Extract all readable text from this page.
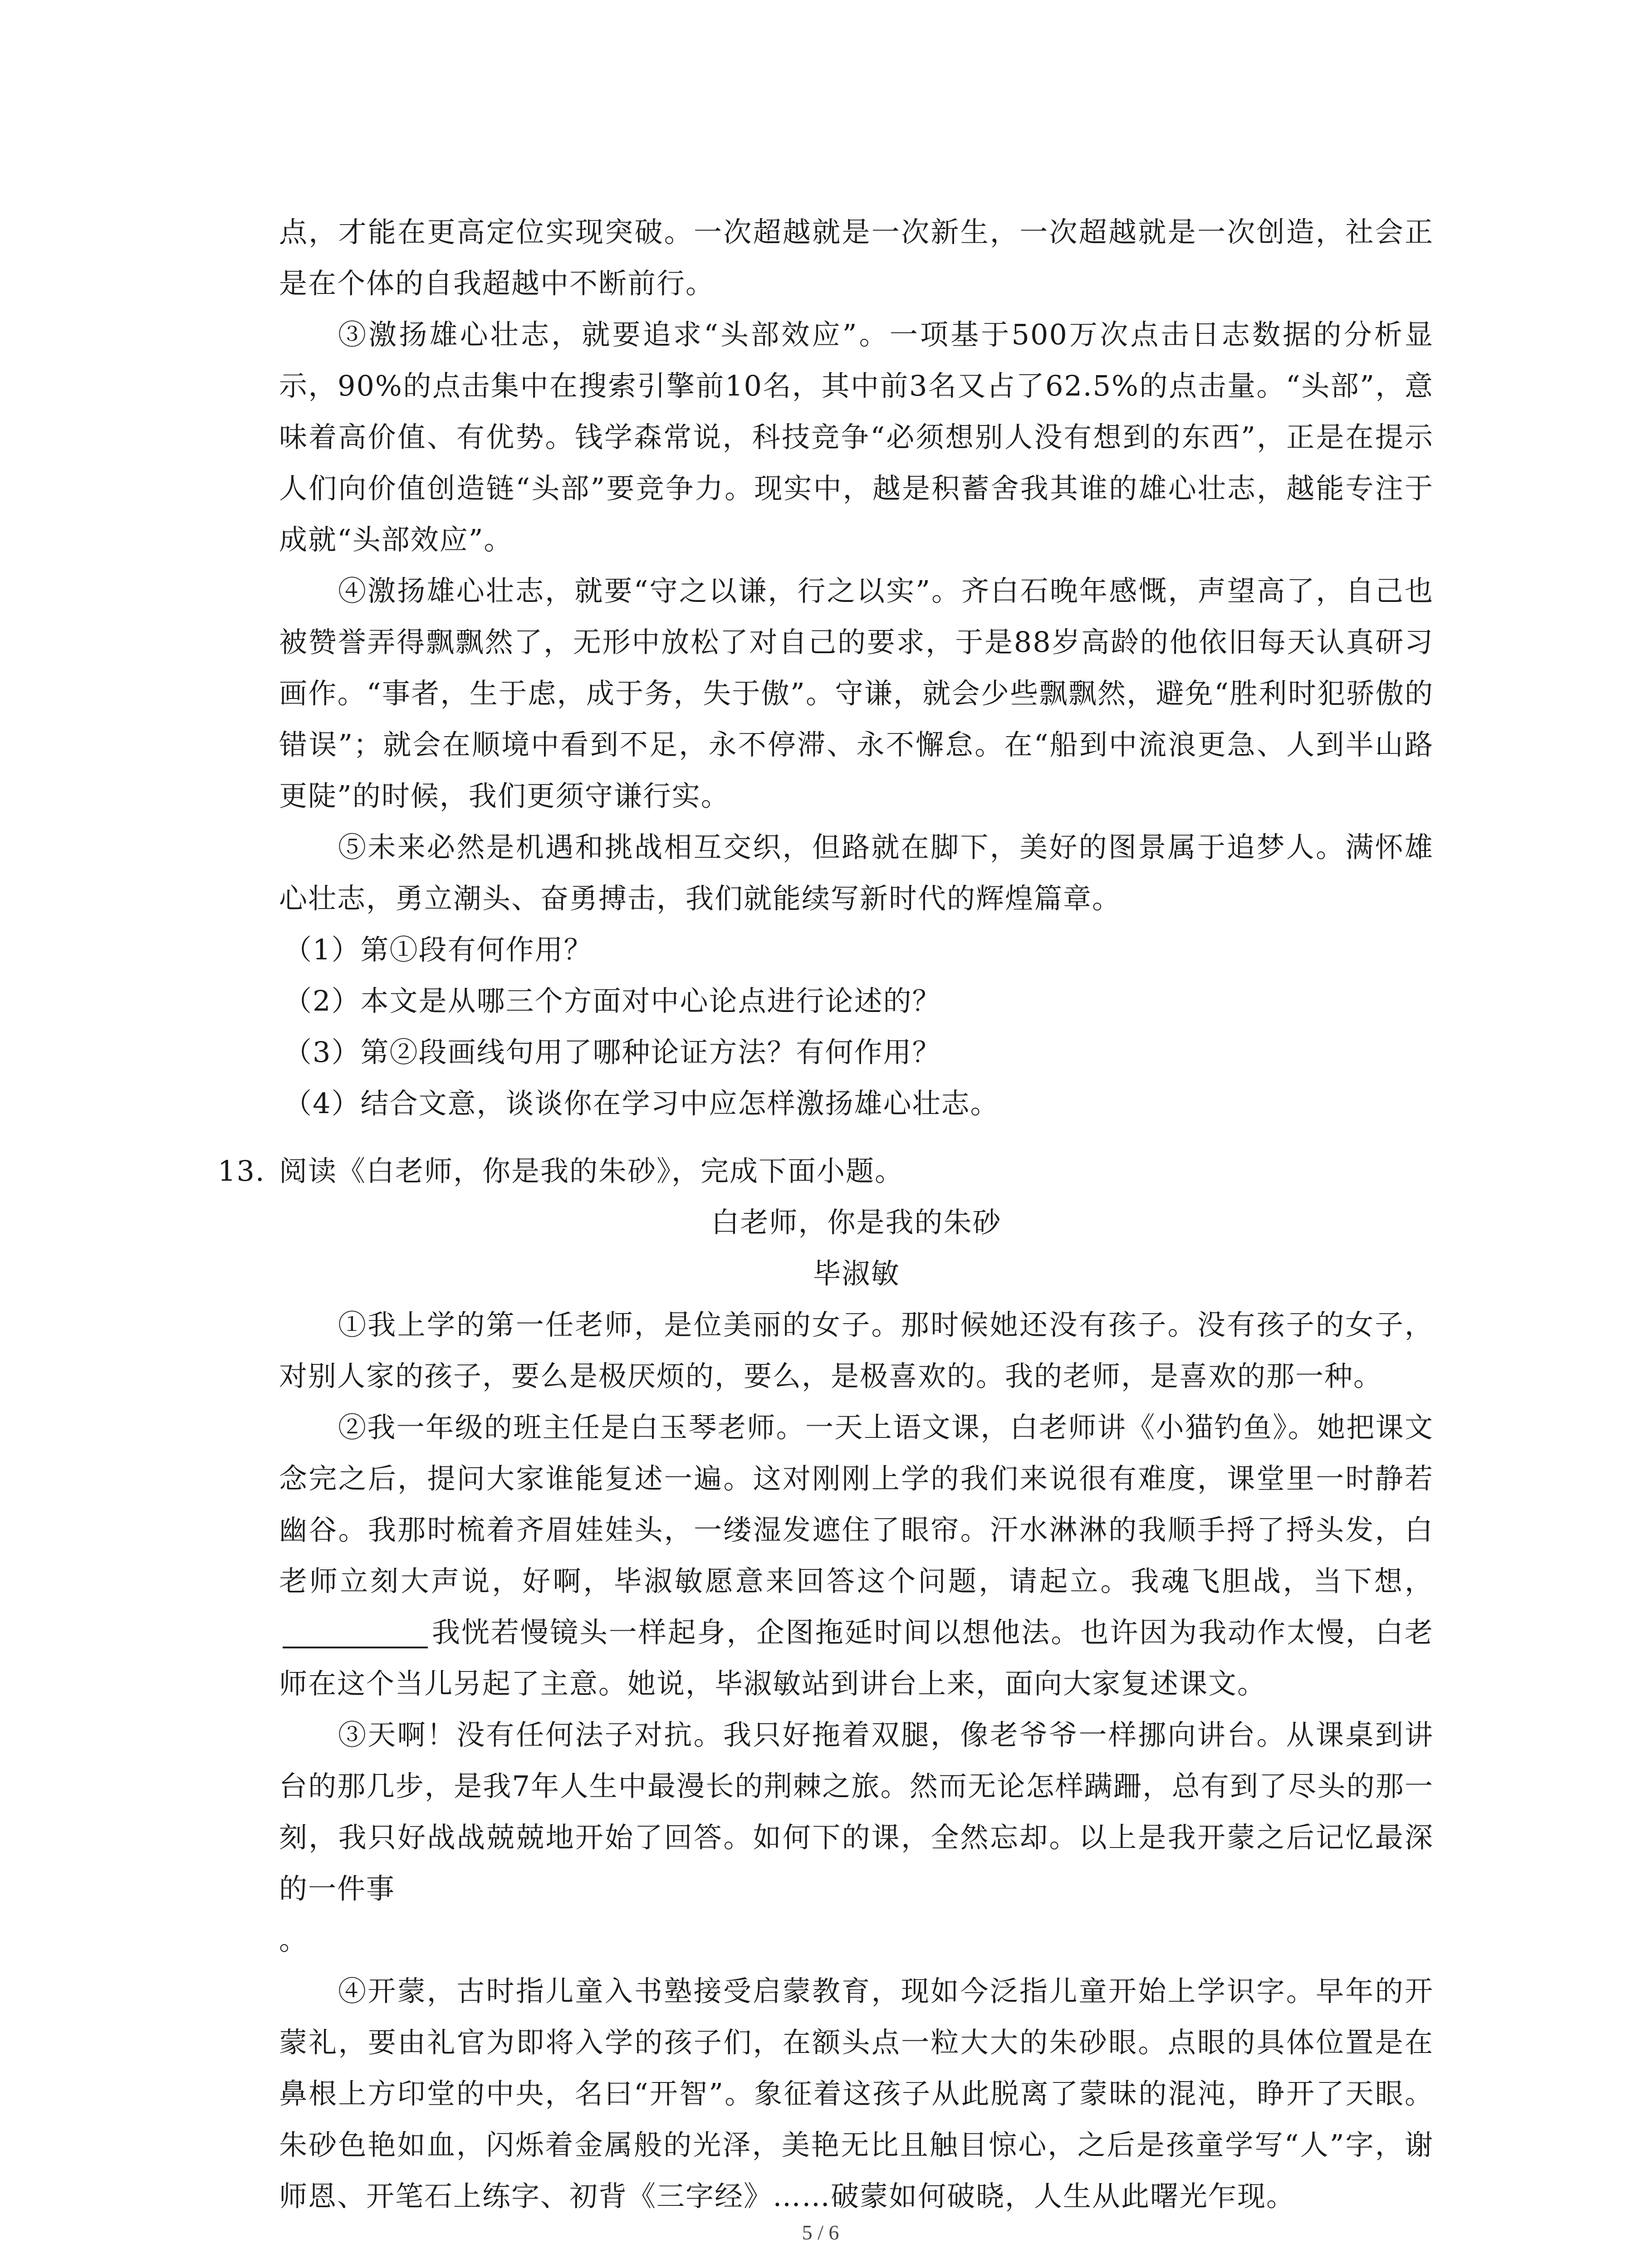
点，才能在更高定位实现突破。一次超越就是一次新生，一次超越就是一次创造，社会正是在个体的自我超越中不断前行。

③激扬雄心壮志，就要追求“头部效应”。一项基于500万次点击日志数据的分析显示，90%的点击集中在搜索引擎前10名，其中前3名又占了62.5%的点击量。“头部”，意味着高价值、有优势。钱学森常说，科技竞争“必须想别人没有想到的东西”，正是在提示人们向价值创造链“头部”要竞争力。现实中，越是积蓄舍我其谁的雄心壮志，越能专注于成就“头部效应”。

④激扬雄心壮志，就要“守之以谦，行之以实”。齐白石晚年感慨，声望高了，自己也被赞誉弄得飘飘然了，无形中放松了对自己的要求，于是88岁高龄的他依旧每天认真研习画作。“事者，生于虑，成于务，失于傲”。守谦，就会少些飘飘然，避免“胜利时犯骄傲的错误”；就会在顺境中看到不足，永不停滞、永不懈怠。在“船到中流浪更急、人到半山路更陡”的时候，我们更须守谦行实。

⑤未来必然是机遇和挑战相互交织，但路就在脚下，美好的图景属于追梦人。满怀雄心壮志，勇立潮头、奋勇搏击，我们就能续写新时代的辉煌篇章。

（1）第①段有何作用？
（2）本文是从哪三个方面对中心论点进行论述的？
（3）第②段画线句用了哪种论证方法？有何作用？
（4）结合文意，谈谈你在学习中应怎样激扬雄心壮志。
13. 阅读《白老师，你是我的朱砂》，完成下面小题。

白老师，你是我的朱砂

毕淑敏

①我上学的第一任老师，是位美丽的女子。那时候她还没有孩子。没有孩子的女子，对别人家的孩子，要么是极厌烦的，要么，是极喜欢的。我的老师，是喜欢的那一种。

②我一年级的班主任是白玉琴老师。一天上语文课，白老师讲《小猫钓鱼》。她把课文念完之后，提问大家谁能复述一遍。这对刚刚上学的我们来说很有难度，课堂里一时静若幽谷。我那时梳着齐眉娃娃头，一缕湿发遮住了眼帘。汗水淋淋的我顺手捋了捋头发，白老师立刻大声说，好啊，毕淑敏愿意来回答这个问题，请起立。我魂飞胆战，当下想，我恍若慢镜头一样起身，企图拖延时间以想他法。也许因为我动作太慢，白老师在这个当儿另起了主意。她说，毕淑敏站到讲台上来，面向大家复述课文。

③天啊！没有任何法子对抗。我只好拖着双腿，像老爷爷一样挪向讲台。从课桌到讲台的那几步，是我7年人生中最漫长的荆棘之旅。然而无论怎样蹒跚，总有到了尽头的那一刻，我只好战战兢兢地开始了回答。如何下的课，全然忘却。以上是我开蒙之后记忆最深的一件事

。

④开蒙，古时指儿童入书塾接受启蒙教育，现如今泛指儿童开始上学识字。早年的开蒙礼，要由礼官为即将入学的孩子们，在额头点一粒大大的朱砂眼。点眼的具体位置是在鼻根上方印堂的中央，名曰“开智”。象征着这孩子从此脱离了蒙昧的混沌，睁开了天眼。朱砂色艳如血，闪烁着金属般的光泽，美艳无比且触目惊心，之后是孩童学写“人”字，谢师恩、开笔石上练字、初背《三字经》……破蒙如何破晓，人生从此曙光乍现。

5 / 6
